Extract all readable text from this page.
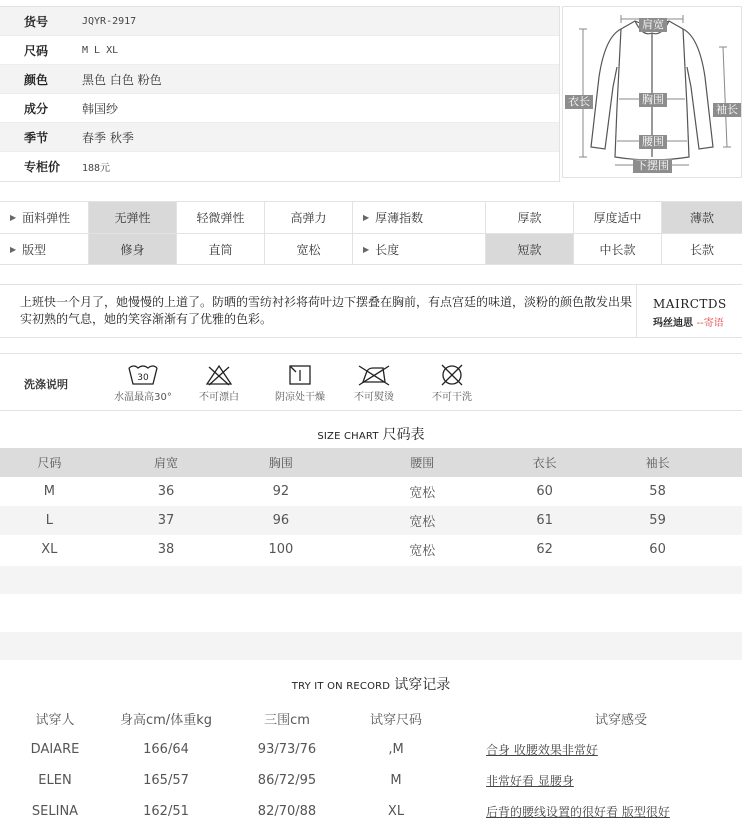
货号	JQYR-2917
尺码	M L XL
颜色	黑色 白色 粉色
成分	韩国纱
季节	春季 秋季
专柜价	188元
肩宽
衣长	胸围
袖长
腰围
下摆围
▶ 面料弹性	无弹性	轻微弹性	高弹力	▶ 厚薄指数	厚款	厚度适中	薄款
▶ 版型	修身	直筒	宽松	▶ 长度	短款	中长款	长款
上班快一个月了，她慢慢的上道了。防晒的雪纺衬衫将荷叶边下摆叠在胸前，有点宫廷的味道，淡粉的颜色散发出果实初熟的气息，她的笑容渐渐有了优雅的色彩。
MAIRCTDS
玛丝迪思 --寄语
洗涤说明	30
水温最高30°	不可漂白	阴凉处干燥	不可熨烫	不可干洗
SIZE CHART 尺码表
尺码	肩宽	胸围	腰围	衣长	袖长
M	36	92	宽松	60	58
L	37	96	宽松	61	59
XL	38	100	宽松	62	60
TRY IT ON RECORD 试穿记录
试穿人	身高cm/体重kg	三围cm	试穿尺码	试穿感受
DAIARE	166/64	93/73/76	,M	合身 收腰效果非常好
ELEN	165/57	86/72/95	M	非常好看 显腰身
SELINA	162/51	82/70/88	XL	后背的腰线设置的很好看 版型很好
